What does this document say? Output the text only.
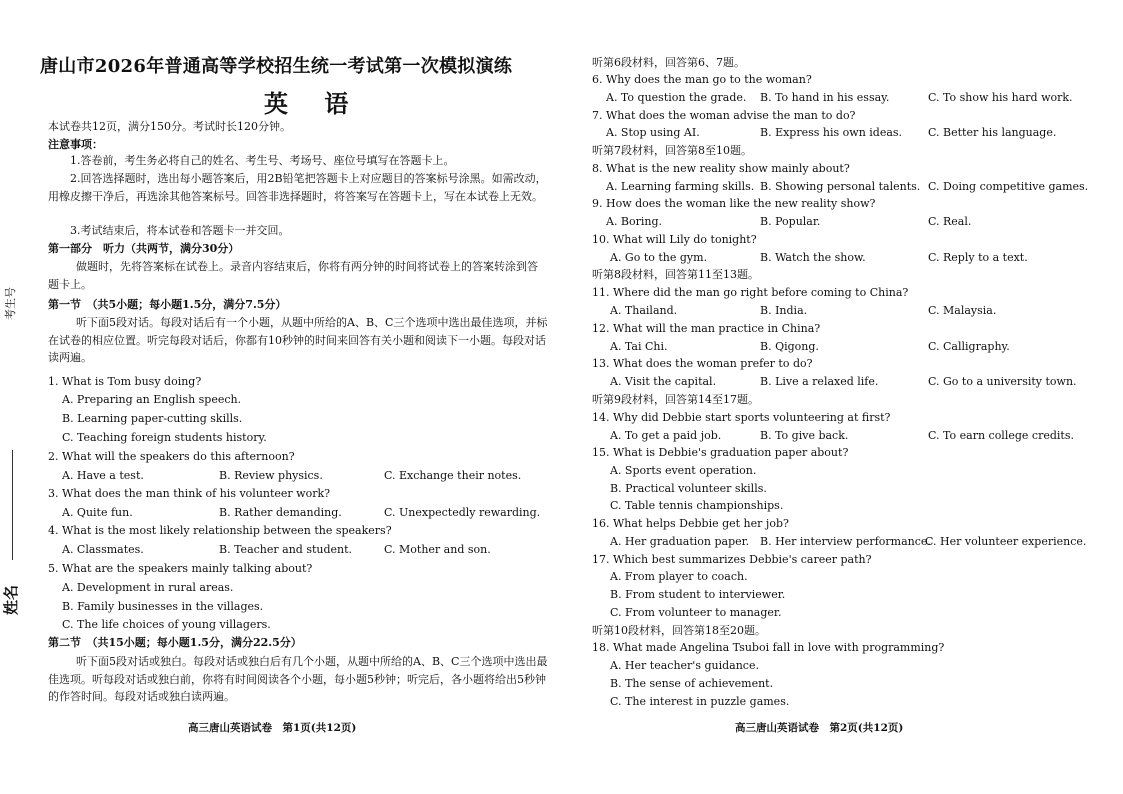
考生号
姓名
唐山市2026年普通高等学校招生统一考试第一次模拟演练
英 语
本试卷共12页，满分150分。考试时长120分钟。
注意事项：
1.答卷前，考生务必将自己的姓名、考生号、考场号、座位号填写在答题卡上。
2.回答选择题时，选出每小题答案后，用2B铅笔把答题卡上对应题目的答案标号涂黑。如需改动，用橡皮擦干净后，再选涂其他答案标号。回答非选择题时，将答案写在答题卡上，写在本试卷上无效。
3.考试结束后，将本试卷和答题卡一并交回。
第一部分　听力（共两节，满分30分）
做题时，先将答案标在试卷上。录音内容结束后，你将有两分钟的时间将试卷上的答案转涂到答题卡上。
第一节　（共5小题；每小题1.5分，满分7.5分）
听下面5段对话。每段对话后有一个小题，从题中所给的A、B、C三个选项中选出最佳选项，并标在试卷的相应位置。听完每段对话后，你都有10秒钟的时间来回答有关小题和阅读下一小题。每段对话读两遍。
1. What is Tom busy doing?
A. Preparing an English speech.
B. Learning paper-cutting skills.
C. Teaching foreign students history.
2. What will the speakers do this afternoon?
A. Have a test.	B. Review physics.	C. Exchange their notes.
3. What does the man think of his volunteer work?
A. Quite fun.	B. Rather demanding.	C. Unexpectedly rewarding.
4. What is the most likely relationship between the speakers?
A. Classmates.	B. Teacher and student.	C. Mother and son.
5. What are the speakers mainly talking about?
A. Development in rural areas.
B. Family businesses in the villages.
C. The life choices of young villagers.
第二节　（共15小题；每小题1.5分，满分22.5分）
听下面5段对话或独白。每段对话或独白后有几个小题，从题中所给的A、B、C三个选项中选出最佳选项。听每段对话或独白前，你将有时间阅读各个小题，每小题5秒钟；听完后，各小题将给出5秒钟的作答时间。每段对话或独白读两遍。
高三唐山英语试卷　第1页(共12页)
听第6段材料，回答第6、7题。
6. Why does the man go to the woman?
A. To question the grade. B. To hand in his essay.	C. To show his hard work.
7. What does the woman advise the man to do?
A. Stop using AI.	B. Express his own ideas. C. Better his language.
听第7段材料，回答第8至10题。
8. What is the new reality show mainly about?
A. Learning farming skills. B. Showing personal talents. C. Doing competitive games.
9. How does the woman like the new reality show?
A. Boring.	B. Popular.	C. Real.
10. What will Lily do tonight?
A. Go to the gym.	B. Watch the show.	C. Reply to a text.
听第8段材料，回答第11至13题。
11. Where did the man go right before coming to China?
A. Thailand.	B. India.	C. Malaysia.
12. What will the man practice in China?
A. Tai Chi.	B. Qigong.	C. Calligraphy.
13. What does the woman prefer to do?
A. Visit the capital.	B. Live a relaxed life.	C. Go to a university town.
听第9段材料，回答第14至17题。
14. Why did Debbie start sports volunteering at first?
A. To get a paid job.	B. To give back.	C. To earn college credits.
15. What is Debbie's graduation paper about?
A. Sports event operation.
B. Practical volunteer skills.
C. Table tennis championships.
16. What helps Debbie get her job?
A. Her graduation paper. B. Her interview performance.
C. Her volunteer experience.
17. Which best summarizes Debbie's career path?
A. From player to coach.
B. From student to interviewer.
C. From volunteer to manager.
听第10段材料，回答第18至20题。
18. What made Angelina Tsuboi fall in love with programming?
A. Her teacher's guidance.
B. The sense of achievement.
C. The interest in puzzle games.
高三唐山英语试卷　第2页(共12页)
